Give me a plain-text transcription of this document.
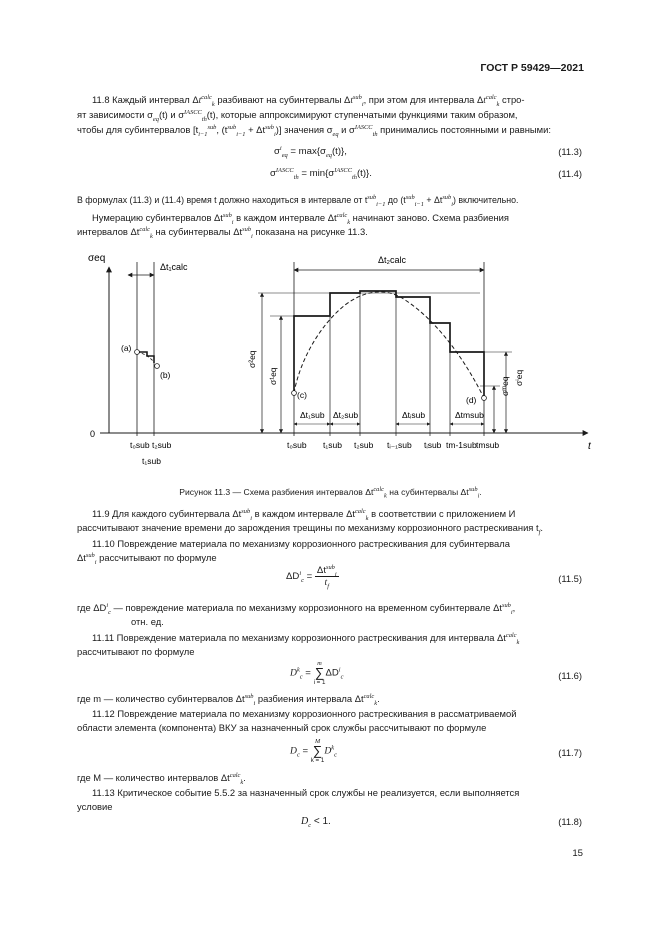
ГОСТ Р 59429—2021
11.8 Каждый интервал $\Delta t^{calc}_k$ разбивают на субинтервалы $\Delta t^{sub}_i$, при этом для интервала $\Delta t^{calc}_k$ стро-
ят зависимости $\sigma_{eq}(t)$ и $\sigma^{IASCC}_{th}(t)$, которые аппроксимируют ступенчатыми функциями таким образом,
чтобы для субинтервалов [$t_{i-1}^{sub}$, $(t^{sub}_{i-1} + \Delta t^{sub}_i)$] значения $\sigma_{eq}$ и $\sigma^{IASCC}_{th}$ принимались постоянными и равными:
$\sigma^i_{eq} = \max\{\sigma_{eq}(t)\}$,	(11.3)
$\sigma^{IASCC}_{th} = \min\{\sigma^{IASCC}_{th}(t)\}$.	(11.4)
В формулах (11.3) и (11.4) время t должно находиться в интервале от $t^{sub}_{i-1}$ до $(t^{sub}_{i-1} + \Delta t^{sub}_i)$ включительно.
Нумерацию субинтервалов $\Delta t^{sub}_i$ в каждом интервале $\Delta t^{calc}_k$ начинают заново. Схема разбиения
интервалов $\Delta t^{calc}_k$ на субинтервалы $\Delta t^{sub}_i$ показана на рисунке 11.3.
σeq
t
0
Δt₁calc
(a)
(b)
Δt₂calc
(c)	(d)
σ²eq
σ¹eq	σⁱeq
σᵐeq
Δt₁sub Δt₂sub	Δtᵢsub	Δtmsub
t₀sub t₂sub
t₁sub
t₀sub t₁sub t₂sub tᵢ₋₁sub tᵢsub tm-1sub tmsub
Рисунок 11.3 — Схема разбиения интервалов $\Delta t^{calc}_k$ на субинтервалы $\Delta t^{sub}_i$.
11.9 Для каждого субинтервала $\Delta t^{sub}_i$ в каждом интервале $\Delta t^{calc}_k$ в соответствии с приложением И
рассчитывают значение времени до зарождения трещины по механизму коррозионного растрескивания $t_f$.
11.10 Повреждение материала по механизму коррозионного растрескивания для субинтервала
$\Delta t^{sub}_i$ рассчитывают по формуле
$\Delta D^i_c = \frac{\Delta t^{sub}_i}{t_f}$	(11.5)
где $\Delta D^i_c$ — повреждение материала по механизму коррозионного на временном субинтервале $\Delta t^{sub}_i$,
отн. ед.
11.11 Повреждение материала по механизму коррозионного растрескивания для интервала $\Delta t^{calc}_k$
рассчитывают по формуле
$D^k_c = m$
∑
$i = 1\Delta D^i_c$	(11.6)
где m — количество субинтервалов $\Delta t^{sub}_i$ разбиения интервала $\Delta t^{calc}_k$.
11.12 Повреждение материала по механизму коррозионного растрескивания в рассматриваемой
области элемента (компонента) ВКУ за назначенный срок службы рассчитывают по формуле
$D_c = M$
∑
$k = 1D^k_c$	(11.7)
где M — количество интервалов $\Delta t^{calc}_k$.
11.13 Критическое событие 5.5.2 за назначенный срок службы не реализуется, если выполняется
условие
$D_c < 1$.	(11.8)
15
